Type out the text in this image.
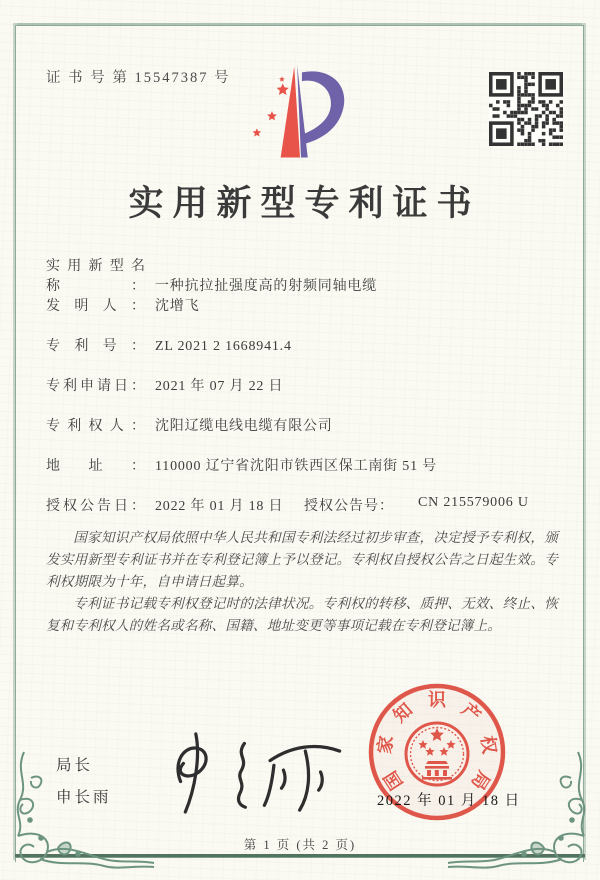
证 书 号 第 15547387 号
实用新型专利证书
实用新型名称： 一种抗拉扯强度高的射频同轴电缆
发明人： 沈增飞
专利号： ZL 2021 2 1668941.4
专利申请日： 2021 年 07 月 22 日
专利权人： 沈阳辽缆电线电缆有限公司
地址： 110000 辽宁省沈阳市铁西区保工南街 51 号
授权公告日： 2022 年 01 月 18 日 授权公告号： CN 215579006 U

国家知识产权局依照中华人民共和国专利法经过初步审查，决定授予专利权，颁发实用新型专利证书并在专利登记簿上予以登记。专利权自授权公告之日起生效。专利权期限为十年，自申请日起算。

专利证书记载专利权登记时的法律状况。专利权的转移、质押、无效、终止、恢复和专利权人的姓名或名称、国籍、地址变更等事项记载在专利登记簿上。

局长
申长雨
国
家
知 识 产
权
局
2022 年 01 月 18 日
第 1 页 (共 2 页)
